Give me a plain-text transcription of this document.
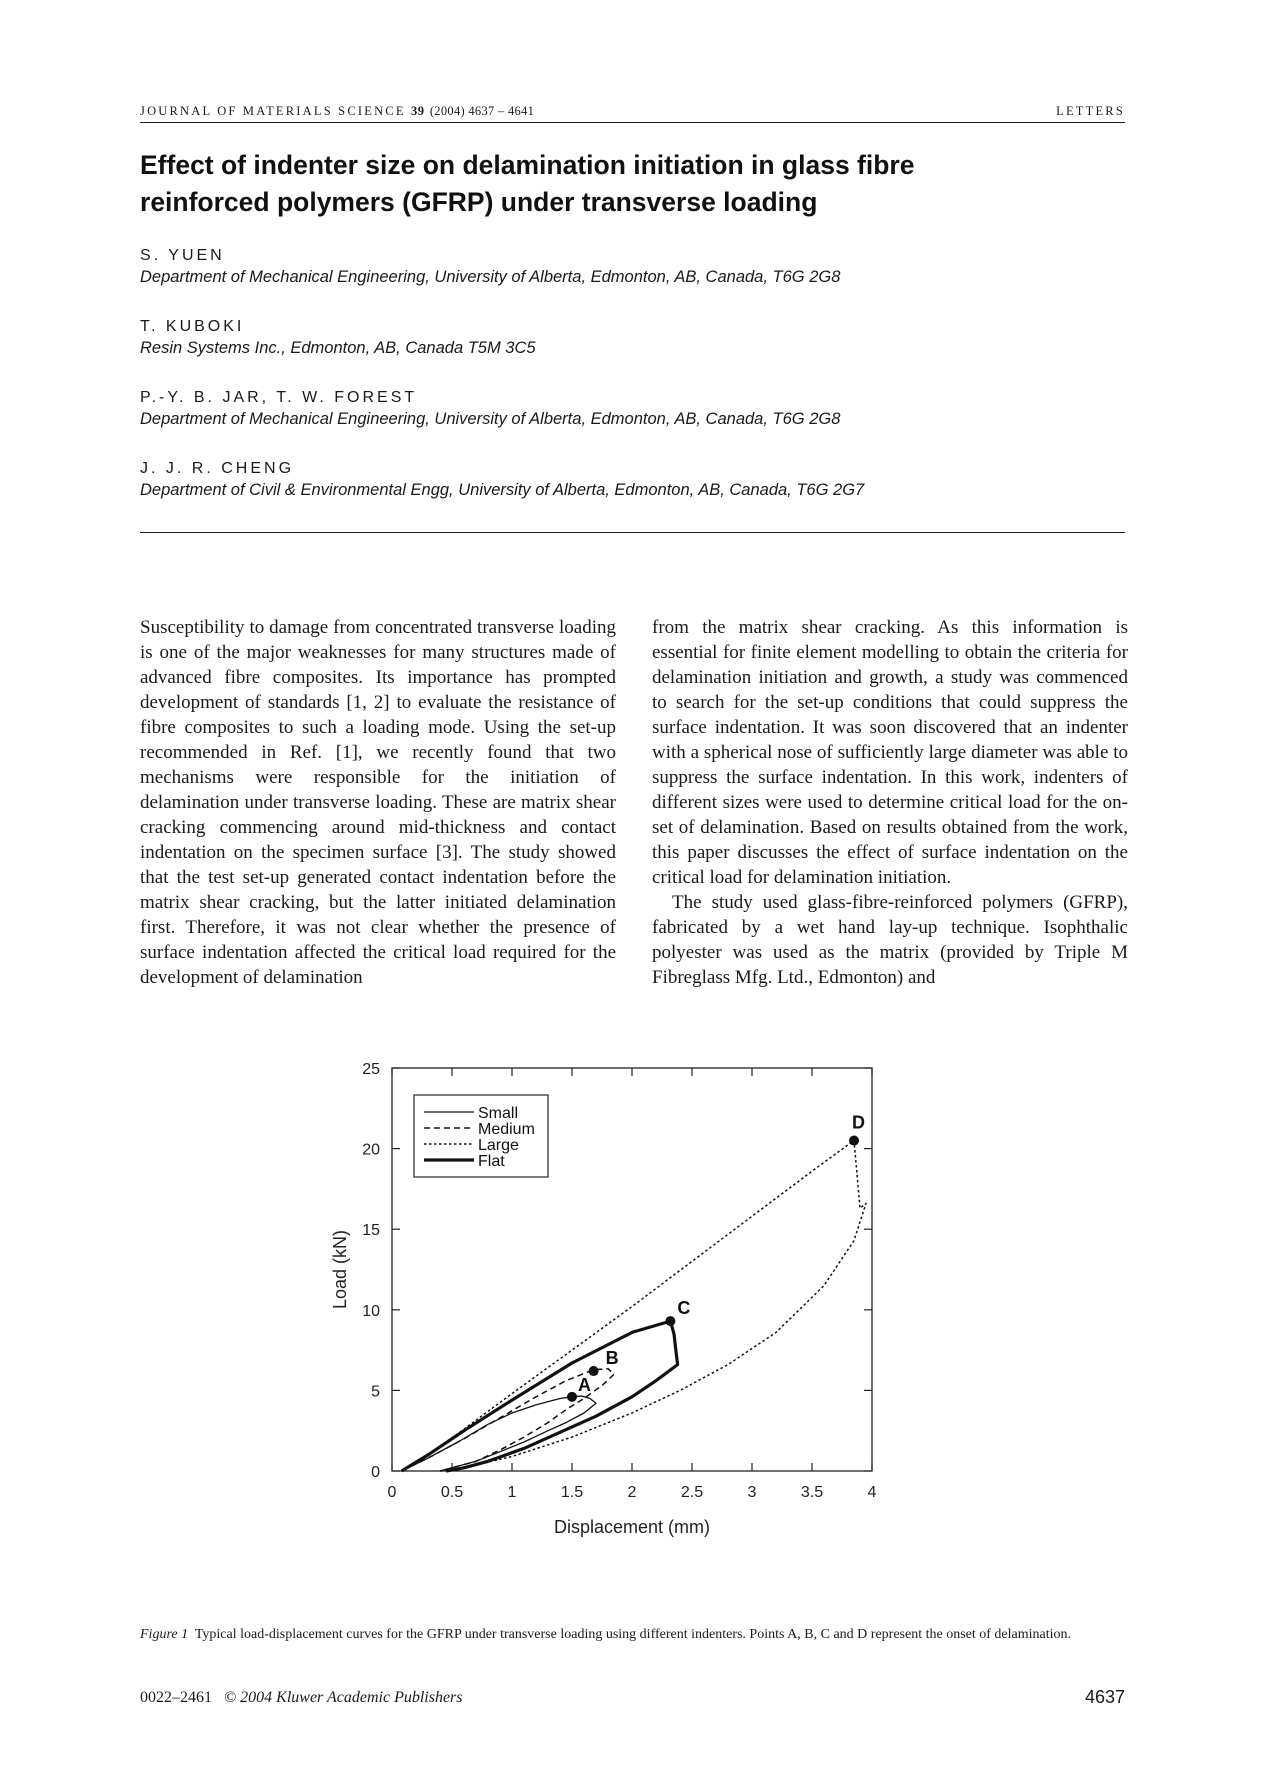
JOURNAL OF MATERIALS SCIENCE 39 (2004) 4637 – 4641	LETTERS
Effect of indenter size on delamination initiation in glass fibre
reinforced polymers (GFRP) under transverse loading
S. YUEN
Department of Mechanical Engineering, University of Alberta, Edmonton, AB, Canada, T6G 2G8
T. KUBOKI
Resin Systems Inc., Edmonton, AB, Canada T5M 3C5
P.-Y. B. JAR, T. W. FOREST
Department of Mechanical Engineering, University of Alberta, Edmonton, AB, Canada, T6G 2G8
J. J. R. CHENG
Department of Civil & Environmental Engg, University of Alberta, Edmonton, AB, Canada, T6G 2G7

Susceptibility to damage from concentrated transverse loading is one of the major weaknesses for many structures made of advanced fibre composites. Its importance has prompted development of standards [1, 2] to evaluate the resistance of fibre composites to such a loading mode. Using the set-up recommended in Ref. [1], we recently found that two mechanisms were responsible for the initiation of delamination under transverse loading. These are matrix shear cracking commencing around mid-thickness and contact indentation on the specimen surface [3]. The study showed that the test set-up generated contact indentation before the matrix shear cracking, but the latter initiated delamination first. Therefore, it was not clear whether the presence of surface indentation affected the critical load required for the development of delamination

from the matrix shear cracking. As this information is essential for finite element modelling to obtain the criteria for delamination initiation and growth, a study was commenced to search for the set-up conditions that could suppress the surface indentation. It was soon discovered that an indenter with a spherical nose of sufficiently large diameter was able to suppress the surface indentation. In this work, indenters of different sizes were used to determine critical load for the on-set of delamination. Based on results obtained from the work, this paper discusses the effect of surface indentation on the critical load for delamination initiation.

The study used glass-fibre-reinforced polymers (GFRP), fabricated by a wet hand lay-up technique. Isophthalic polyester was used as the matrix (provided by Triple M Fibreglass Mfg. Ltd., Edmonton) and

0	0.5	1	1.5	2	2.5	3	3.5	4
0
5
10
15
20
25
A
B
C
D
Small
Medium
Large
Flat
Displacement (mm)
Load (kN)
Figure 1 Typical load-displacement curves for the GFRP under transverse loading using different indenters. Points A, B, C and D represent the onset of delamination.
0022–2461 © 2004 Kluwer Academic Publishers	4637
